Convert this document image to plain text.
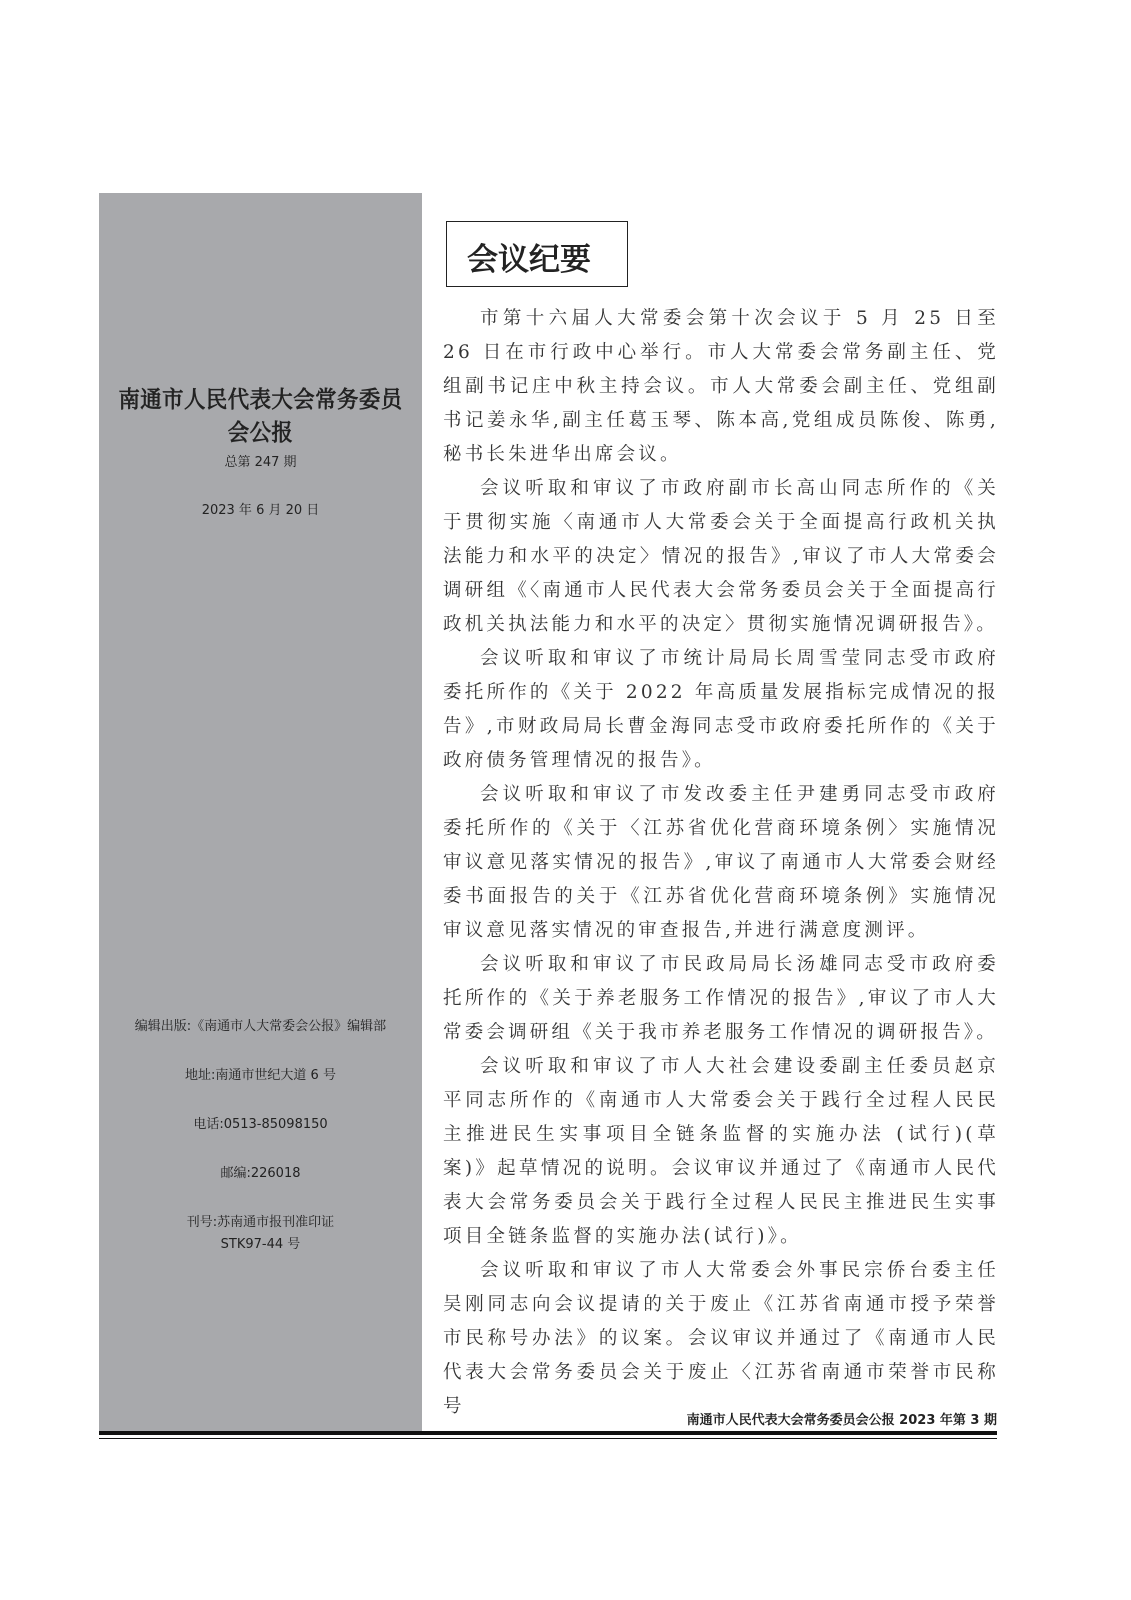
南通市人民代表大会常务委员会公报
总第 247 期
2023 年 6 月 20 日
编辑出版:《南通市人大常委会公报》编辑部
地址:南通市世纪大道 6 号
电话:0513-85098150
邮编:226018
刊号:苏南通市报刊准印证
STK97-44 号
会议纪要

市第十六届人大常委会第十次会议于 5 月 25 日至 26 日在市行政中心举行。市人大常委会常务副主任、党组副书记庄中秋主持会议。市人大常委会副主任、党组副书记姜永华,副主任葛玉琴、陈本高,党组成员陈俊、陈勇,秘书长朱进华出席会议。

会议听取和审议了市政府副市长高山同志所作的《关于贯彻实施〈南通市人大常委会关于全面提高行政机关执法能力和水平的决定〉情况的报告》,审议了市人大常委会调研组《〈南通市人民代表大会常务委员会关于全面提高行政机关执法能力和水平的决定〉贯彻实施情况调研报告》。

会议听取和审议了市统计局局长周雪莹同志受市政府委托所作的《关于 2022 年高质量发展指标完成情况的报告》,市财政局局长曹金海同志受市政府委托所作的《关于政府债务管理情况的报告》。

会议听取和审议了市发改委主任尹建勇同志受市政府委托所作的《关于〈江苏省优化营商环境条例〉实施情况审议意见落实情况的报告》,审议了南通市人大常委会财经委书面报告的关于《江苏省优化营商环境条例》实施情况审议意见落实情况的审查报告,并进行满意度测评。

会议听取和审议了市民政局局长汤雄同志受市政府委托所作的《关于养老服务工作情况的报告》,审议了市人大常委会调研组《关于我市养老服务工作情况的调研报告》。

会议听取和审议了市人大社会建设委副主任委员赵京平同志所作的《南通市人大常委会关于践行全过程人民民主推进民生实事项目全链条监督的实施办法 (试行)(草案)》起草情况的说明。会议审议并通过了《南通市人民代表大会常务委员会关于践行全过程人民民主推进民生实事项目全链条监督的实施办法(试行)》。

会议听取和审议了市人大常委会外事民宗侨台委主任吴刚同志向会议提请的关于废止《江苏省南通市授予荣誉市民称号办法》的议案。会议审议并通过了《南通市人民代表大会常务委员会关于废止〈江苏省南通市荣誉市民称号

南通市人民代表大会常务委员会公报 2023 年第 3 期
